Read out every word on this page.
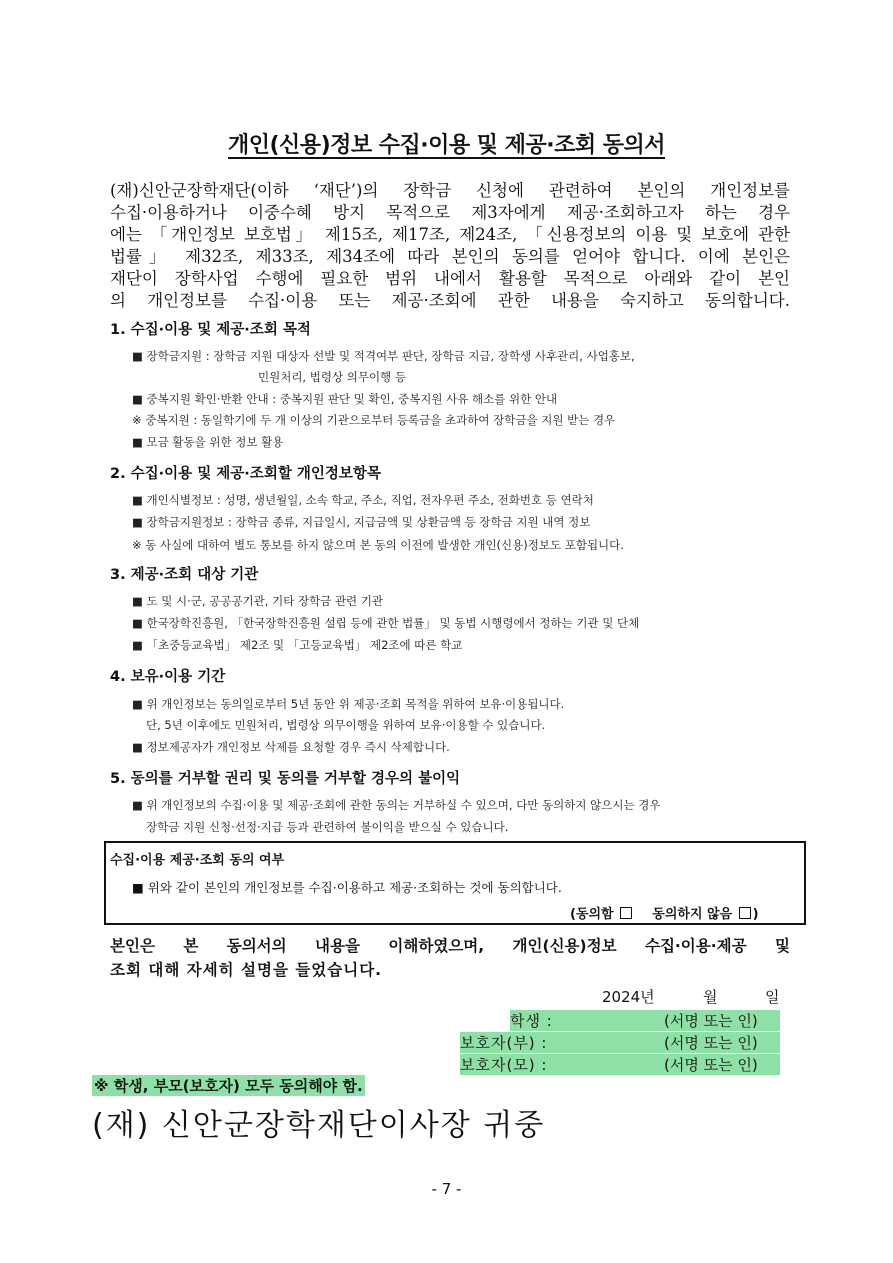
개인(신용)정보 수집·이용 및 제공·조회 동의서
(재)신안군장학재단(이하 ‘재단’)의 장학금 신청에 관련하여 본인의 개인정보를
수집·이용하거나 이중수혜 방지 목적으로 제3자에게 제공·조회하고자 하는 경우
에는 「개인정보 보호법」 제15조, 제17조, 제24조, 「신용정보의 이용 및 보호에 관한
법률」 제32조, 제33조, 제34조에 따라 본인의 동의를 얻어야 합니다. 이에 본인은
재단이 장학사업 수행에 필요한 범위 내에서 활용할 목적으로 아래와 같이 본인
의 개인정보를 수집·이용 또는 제공·조회에 관한 내용을 숙지하고 동의합니다.
1. 수집·이용 및 제공·조회 목적
■ 장학금지원 : 장학금 지원 대상자 선발 및 적격여부 판단, 장학금 지급, 장학생 사후관리, 사업홍보,
민원처리, 법령상 의무이행 등
■ 중복지원 확인·반환 안내 : 중복지원 판단 및 확인, 중복지원 사유 해소를 위한 안내
※ 중복지원 : 동일학기에 두 개 이상의 기관으로부터 등록금을 초과하여 장학금을 지원 받는 경우
■ 모금 활동을 위한 정보 활용
2. 수집·이용 및 제공·조회할 개인정보항목
■ 개인식별정보 : 성명, 생년월일, 소속 학교, 주소, 직업, 전자우편 주소, 전화번호 등 연락처
■ 장학금지원정보 : 장학금 종류, 지급일시, 지급금액 및 상환금액 등 장학금 지원 내역 정보
※ 동 사실에 대하여 별도 통보를 하지 않으며 본 동의 이전에 발생한 개인(신용)정보도 포함됩니다.
3. 제공·조회 대상 기관
■ 도 및 시·군, 공공공기관, 기타 장학금 관련 기관
■ 한국장학진흥원, 「한국장학진흥원 설립 등에 관한 법률」 및 동법 시행령에서 정하는 기관 및 단체
■ 「초중등교육법」 제2조 및 「고등교육법」 제2조에 따른 학교
4. 보유·이용 기간
■ 위 개인정보는 동의일로부터 5년 동안 위 제공·조회 목적을 위하여 보유·이용됩니다.
단, 5년 이후에도 민원처리, 법령상 의무이행을 위하여 보유·이용할 수 있습니다.
■ 정보제공자가 개인정보 삭제를 요청할 경우 즉시 삭제합니다.
5. 동의를 거부할 권리 및 동의를 거부할 경우의 불이익
■ 위 개인정보의 수집·이용 및 제공·조회에 관한 동의는 거부하실 수 있으며, 다만 동의하지 않으시는 경우
장학금 지원 신청·선정·지급 등과 관련하여 불이익을 받으실 수 있습니다.
수집·이용 제공·조회 동의 여부
■ 위와 같이 본인의 개인정보를 수집·이용하고 제공·조회하는 것에 동의합니다.
(동의함	동의하지 않음 )
본인은 본 동의서의 내용을 이해하였으며, 개인(신용)정보 수집·이용·제공 및
조회 대해 자세히 설명을 들었습니다.
2024년	월	일
학생 :	(서명 또는 인)
보호자(부) :	(서명 또는 인)
보호자(모) :	(서명 또는 인)
※ 학생, 부모(보호자) 모두 동의해야 함.
(재) 신안군장학재단이사장 귀중
- 7 -
